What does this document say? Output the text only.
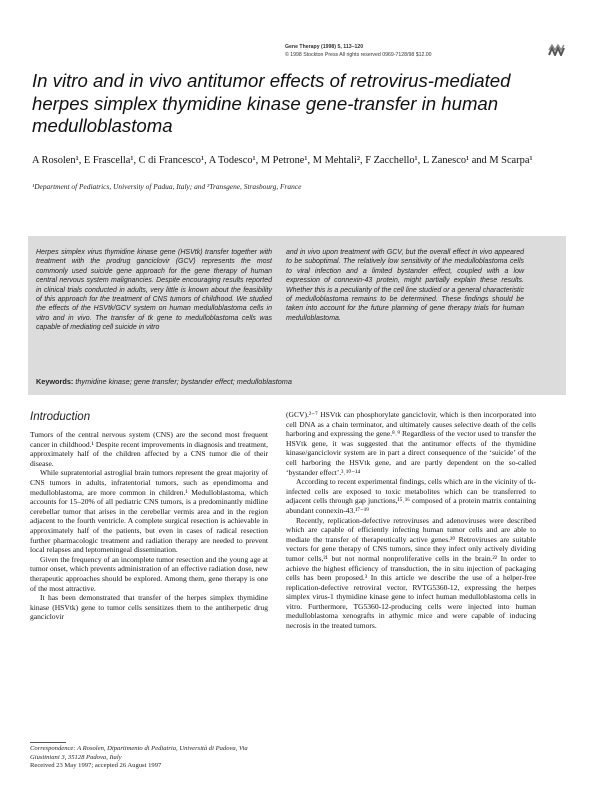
Gene Therapy (1998) 5, 113–120
© 1998 Stockton Press All rights reserved 0969-7128/98 $12.00
In vitro and in vivo antitumor effects of retrovirus-mediated herpes simplex thymidine kinase gene-transfer in human medulloblastoma
A Rosolen¹, E Frascella¹, C di Francesco¹, A Todesco¹, M Petrone¹, M Mehtali², F Zacchello¹, L Zanesco¹ and M Scarpa¹
¹Department of Pediatrics, University of Padua, Italy; and ²Transgene, Strasbourg, France
Herpes simplex virus thymidine kinase gene (HSVtk) transfer together with treatment with the prodrug ganciclovir (GCV) represents the most commonly used suicide gene approach for the gene therapy of human central nervous system malignancies. Despite encouraging results reported in clinical trials conducted in adults, very little is known about the feasibility of this approach for the treatment of CNS tumors of childhood. We studied the effects of the HSVtk/GCV system on human medulloblastoma cells in vitro and in vivo. The transfer of tk gene to medulloblastoma cells was capable of mediating cell suicide in vitro
and in vivo upon treatment with GCV, but the overall effect in vivo appeared to be suboptimal. The relatively low sensitivity of the medulloblastoma cells to viral infection and a limited bystander effect, coupled with a low expression of connexin-43 protein, might partially explain these results. Whether this is a peculiarity of the cell line studied or a general characteristic of medulloblastoma remains to be determined. These findings should be taken into account for the future planning of gene therapy trials for human medulloblastoma.
Keywords: thymidine kinase; gene transfer; bystander effect; medulloblastoma
Introduction

Tumors of the central nervous system (CNS) are the second most frequent cancer in childhood.¹ Despite recent improvements in diagnosis and treatment, approximately half of the children affected by a CNS tumor die of their disease.

While supratentorial astroglial brain tumors represent the great majority of CNS tumors in adults, infratentorial tumors, such as ependimoma and medulloblastoma, are more common in children.¹ Medulloblastoma, which accounts for 15–20% of all pediatric CNS tumors, is a predominantly midline cerebellar tumor that arises in the cerebellar vermis area and in the region adjacent to the fourth ventricle. A complete surgical resection is achievable in approximately half of the patients, but even in cases of radical resection further pharmacologic treatment and radiation therapy are needed to prevent local relapses and leptomeningeal dissemination.

Given the frequency of an incomplete tumor resection and the young age at tumor onset, which prevents administration of an effective radiation dose, new therapeutic approaches should be explored. Among them, gene therapy is one of the most attractive.

It has been demonstrated that transfer of the herpes simplex thymidine kinase (HSVtk) gene to tumor cells sensitizes them to the antiherpetic drug ganciclovir

(GCV).²⁻⁷ HSVtk can phosphorylate ganciclovir, which is then incorporated into cell DNA as a chain terminator, and ultimately causes selective death of the cells harboring and expressing the gene.⁸˒⁹ Regardless of the vector used to transfer the HSVtk gene, it was suggested that the antitumor effects of the thymidine kinase/ganciclovir system are in part a direct consequence of the ‘suicide’ of the cell harboring the HSVtk gene, and are partly dependent on the so-called ‘bystander effect’.³˒¹⁰⁻¹⁴

According to recent experimental findings, cells which are in the vicinity of tk-infected cells are exposed to toxic metabolites which can be transferred to adjacent cells through gap junctions,¹⁵˒¹⁶ composed of a protein matrix containing abundant connexin-43.¹⁷⁻¹⁹

Recently, replication-defective retroviruses and adenoviruses were described which are capable of efficiently infecting human tumor cells and are able to mediate the transfer of therapeutically active genes.²⁰ Retroviruses are suitable vectors for gene therapy of CNS tumors, since they infect only actively dividing tumor cells,²¹ but not normal nonproliferative cells in the brain.²² In order to achieve the highest efficiency of transduction, the in situ injection of packaging cells has been proposed.³ In this article we describe the use of a helper-free replication-defective retroviral vector, RVTG5360-12, expressing the herpes simplex virus-1 thymidine kinase gene to infect human medulloblastoma cells in vitro. Furthermore, TG5360-12-producing cells were injected into human medulloblastoma xenografts in athymic mice and were capable of inducing necrosis in the treated tumors.

Correspondence: A Rosolen, Dipartimento di Pediatria, Università di Padova, Via Giustiniani 3, 35128 Padova, Italy
Received 23 May 1997; accepted 26 August 1997
